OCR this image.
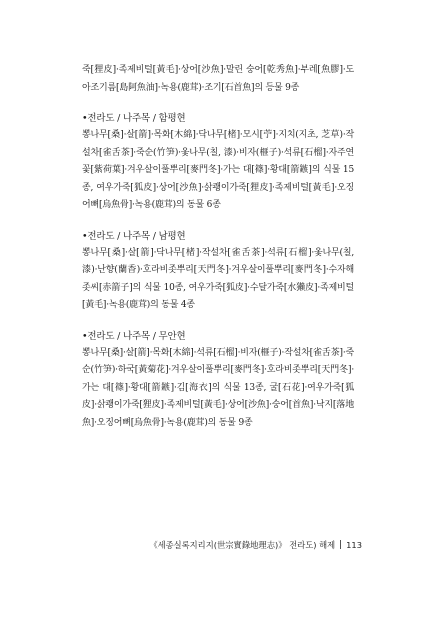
죽[狸皮]·족제비털[黃毛]·상어[沙魚]·말린 숭어[乾秀魚]·부레[魚膠]·도아조기름[島阿魚油]·녹용(鹿茸)·조기[石首魚]의 등물 9종

•전라도 / 나주목 / 함평현

뽕나무[桑]·살[箭]·목화[木綿]·닥나무[楮]·모시[苧]·지치(지초, 芝草)·작설차[雀舌茶]·죽순(竹笋)·옻나무(칠, 漆)·비자(榧子)·석류[石榴]·자주연꽃[紫荷葉]·겨우살이풀뿌리[麥門冬]·가는 대[篠]·황대[箭鏃]의 식물 15종, 여우가죽[狐皮]·상어[沙魚]·삵쾡이가죽[狸皮]·족제비털[黃毛]·오징어뼈[烏魚骨]·녹용(鹿茸)의 동물 6종

•전라도 / 나주목 / 남평현

뽕나무[桑]·살[箭]·닥나무[楮]·작설차[雀舌茶]·석류[石榴]·옻나무(칠, 漆)·난향(蘭香)·호라비좃뿌리[天門冬]·겨우살이풀뿌리[麥門冬]·수자해좃씨[赤箭子]의 식물 10종, 여우가죽[狐皮]·수달가죽[水獺皮]·족제비털[黃毛]·녹용(鹿茸)의 동물 4종

•전라도 / 나주목 / 무안현

뽕나무[桑]·살[箭]·목화[木綿]·석류[石榴]·비자(榧子)·작설차[雀舌茶]·죽순(竹笋)·하국[黃菊花]·겨우살이풀뿌리[麥門冬]·호라비좃뿌리[天門冬]·가는 대[篠]·황대[箭鏃]·김[海衣]의 식물 13종, 굴[石花]·여우가죽[狐皮]·삵쾡이가죽[狸皮]·족제비털[黃毛]·상어[沙魚]·숭어[首魚]·낙지[落地魚]·오징어뼈[烏魚骨]·녹용(鹿茸)의 동물 9종

《세종실록지리지(世宗實錄地理志)》 전라도) 해제 113
